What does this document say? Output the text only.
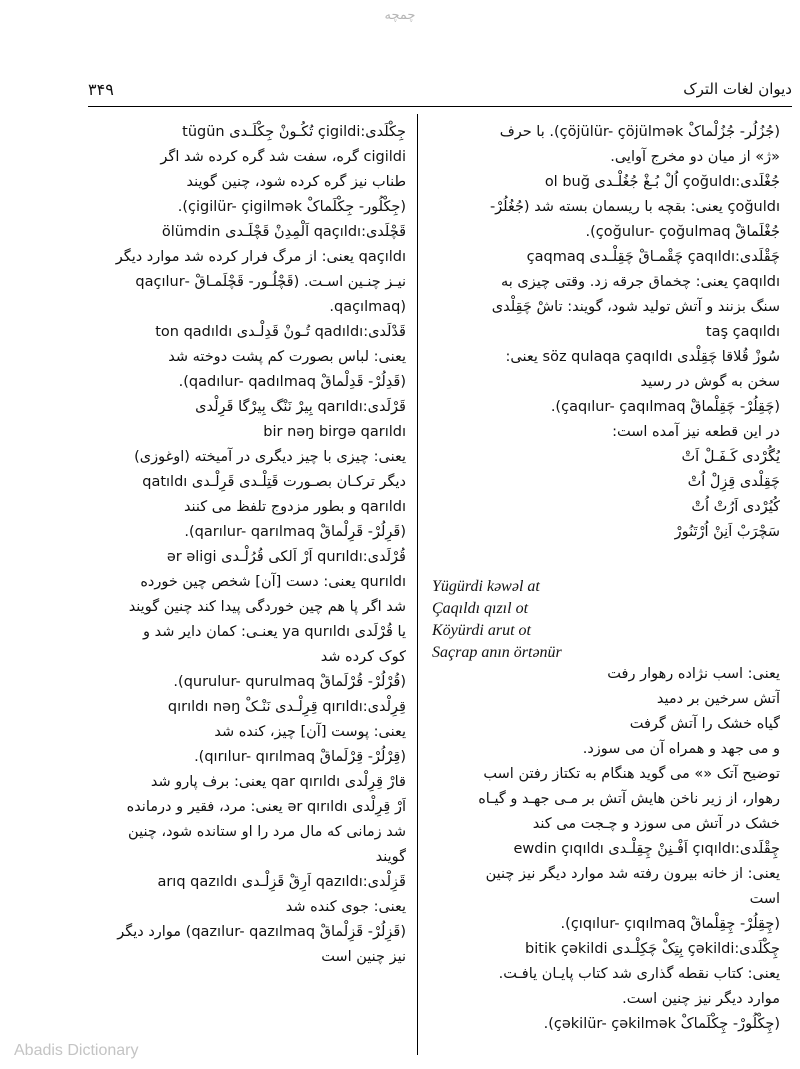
چمچه
۳۴۹	دیوان لغات الترک
جِکْلَدی:çigildi تُکُـونْ جِکْلَـدی tügün
cigildi گره، سفت شد گره کرده شد اگر
طناب نیز گره کرده شود، چنین گویند
(جِکْلُور- جِکْلَماکْ çigilür- çigilmək).
قَچْلَدی:qaçıldı اَلْمِدِنْ قَچْلَـدی ölümdin
qaçıldı یعنی: از مرگ فرار کرده شد موارد دیگر
نیـز چنـین اسـت. (قَچْلُـور- قَچْلَمـاقْ -qaçılur
(qaçılmaq.
قَدْلَدی:qadıldı تُـونْ قَدِلْـدی ton qadıldı
یعنی: لباس بصورت کم پشت دوخته شد
(قَدِلُرْ- قَدِلْماقْ qadılur- qadılmaq).
قَرْلَدی:qarıldı بِیرْ نَنْگ بِیرْگا قَرِلْدی
bir nəŋ birgə qarıldı
یعنی: چیزی با چیز دیگری در آمیخته (اوغوزی)
دیگر ترکـان بصـورت قَتِلْـدی قَرِلْـدی qatıldı
qarıldı و بطور مزدوج تلفظ می کنند
(قَرِلُرْ- قَرِلْماقْ qarılur- qarılmaq).
قُرْلَدی:qurıldı اَرْ اَلکی قُرُلْـدی ər əligi
qurıldı یعنی: دست [آن] شخص چین خورده
شد اگر پا هم چین خوردگی پیدا کند چنین گویند
یا قُرْلَدی ya qurıldı یعنـی: کمان دایر شد و
کوک کرده شد
(قُرْلُرْ- قُرْلَماقْ qurulur- qurulmaq).
قِرِلْدی:qırıldı قِرِلْـدی نَنْـکْ qırıldı nəŋ
یعنی: پوست [آن] چیز، کنده شد
(قِرْلُرْ- قِرْلَماقْ qırılur- qırılmaq).
قارْ قِرِلْدی qar qırıldı یعنی: برف پارو شد
اَرْ قِرِلْدی ər qırıldı یعنی: مرد، فقیر و درمانده
شد زمانی که مال مرد را او ستانده شود، چنین
گویند
قَزِلْدی:qazıldı اَرِقْ قَزِلْـدی arıq qazıldı
یعنی: جوی کنده شد
(قَزِلُرْ- قَزِلْماقْ qazılur- qazılmaq) موارد دیگر
نیز چنین است
(جُزُلُر- جُزُلْماکْ çöjülür- çöjülmək). با حرف
«ژ» از میان دو مخرج آوایی.
جُغْلَدی:çoğuldı اُلْ بُـغْ جُغُلْـدی ol buğ
çoğuldı یعنی: بقچه با ریسمان بسته شد (جُغُلُرْ-
جُغْلَماقْ çoğulur- çoğulmaq).
چَقْلَدی:çaqıldı چَقْمـاقْ چَقِلْـدی çaqmaq
çaqıldı یعنی: چخماق جرقه زد. وقتی چیزی به
سنگ بزنند و آتش تولید شود، گویند: تاشْ چَقِلْدی
taş çaqıldı
سُوزْ قُلاقا چَقِلْدی söz qulaqa çaqıldı یعنی:
سخن به گوش در رسید
(چَقِلُرْ- چَقِلْماقْ çaqılur- çaqılmaq).
در این قطعه نیز آمده است:
یُگُرْدی کَـفَـلْ اَتْ
چَقِلْدی قِزِلْ اُتْ
کُیُرْدی اَرُتْ اُتْ
سَچْرَبْ اَنِنْ اُرْتَنُورْ
Yügürdi kəwəl at
Çaqıldı qızıl ot
Köyürdi arut ot
Saçrap anın örtənür
یعنی: اسب نژاده رهوار رفت
آتش سرخین بر دمید
گیاه خشک را آتش گرفت
و می جهد و همراه آن می سوزد.
توضیح آتک «» می گوید هنگام به تکتاز رفتن اسب
رهوار، از زیر ناخن هایش آتش بر مـی جهـد و گیـاه
خشک در آتش می سوزد و چـجت می کند
چِقْلَدی:çıqıldı اَفْـنِنْ چِقِلْـدی ewdin çıqıldı
یعنی: از خانه بیرون رفته شد موارد دیگر نیز چنین
است
(چِقِلُرْ- چِقِلْماقْ çıqılur- çıqılmaq).
چِکْلَدی:çəkildi بِتِکْ چَکِلْـدی bitik çəkildi
یعنی: کتاب نقطه گذاری شد کتاب پایـان یافـت.
موارد دیگر نیز چنین است.
(چِکْلُورْ- چِکْلَماکْ çəkilür- çəkilmək).
Abadis Dictionary
